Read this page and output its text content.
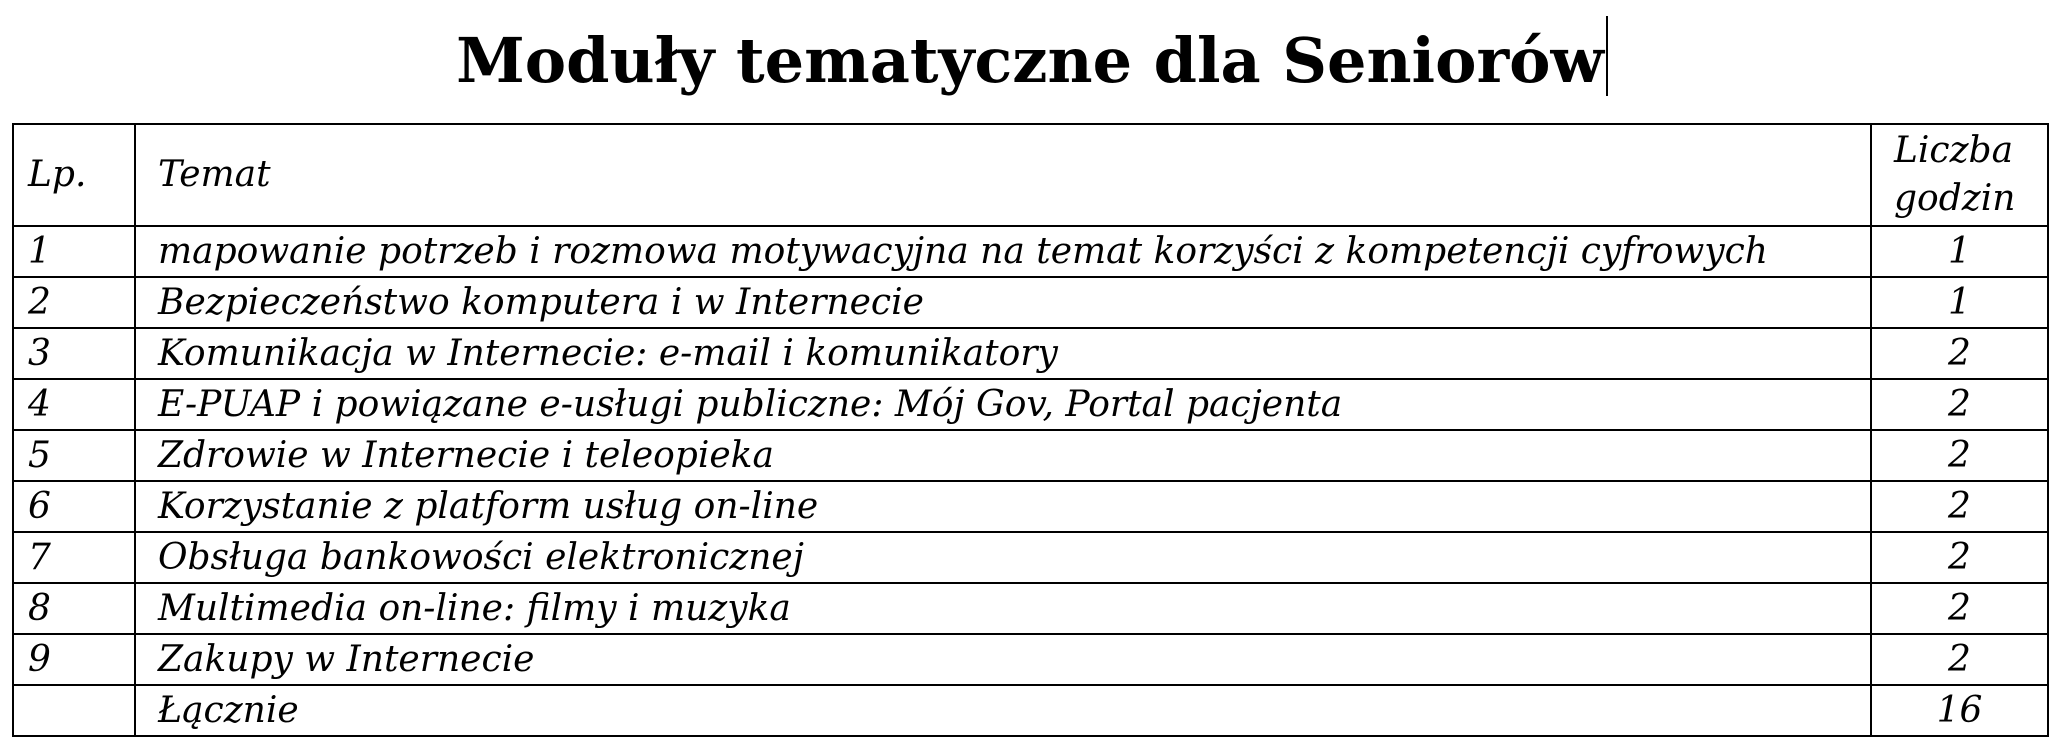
Moduły tematyczne dla Seniorów
Lp.	Temat	Liczba godzin

1	mapowanie potrzeb i rozmowa motywacyjna na temat korzyści z kompetencji cyfrowych	1
2	Bezpieczeństwo komputera i w Internecie	1
3	Komunikacja w Internecie: e-mail i komunikatory	2
4	E-PUAP i powiązane e-usługi publiczne: Mój Gov, Portal pacjenta	2
5	Zdrowie w Internecie i teleopieka	2
6	Korzystanie z platform usług on-line	2
7	Obsługa bankowości elektronicznej	2
8	Multimedia on-line: filmy i muzyka	2
9	Zakupy w Internecie	2
	Łącznie	16
